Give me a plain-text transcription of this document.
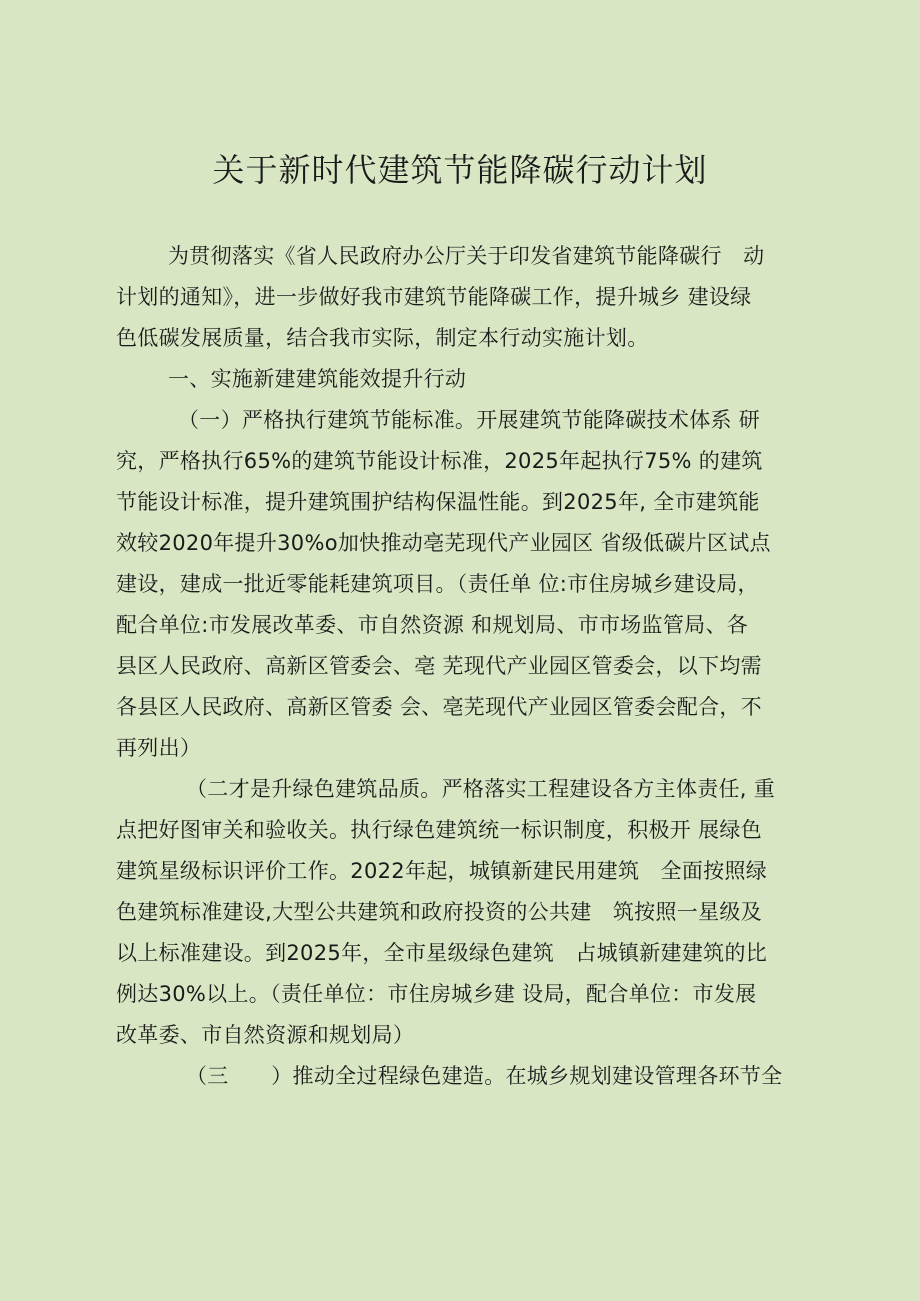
关于新时代建筑节能降碳行动计划
为贯彻落实《省人民政府办公厅关于印发省建筑节能降碳行　动
计划的通知》，进一步做好我市建筑节能降碳工作，提升城乡 建设绿
色低碳发展质量，结合我市实际，制定本行动实施计划。
一、实施新建建筑能效提升行动
（一）严格执行建筑节能标准。开展建筑节能降碳技术体系 研
究，严格执行65%的建筑节能设计标准，2025年起执行75% 的建筑
节能设计标准，提升建筑围护结构保温性能。到2025年, 全市建筑能
效较2020年提升30%o加快推动亳芜现代产业园区 省级低碳片区试点
建设，建成一批近零能耗建筑项目。（责任单 位:市住房城乡建设局，
配合单位:市发展改革委、市自然资源 和规划局、市市场监管局、各
县区人民政府、高新区管委会、亳 芜现代产业园区管委会，以下均需
各县区人民政府、高新区管委 会、亳芜现代产业园区管委会配合，不
再列出）
（二才是升绿色建筑品质。严格落实工程建设各方主体责任, 重
点把好图审关和验收关。执行绿色建筑统一标识制度，积极开 展绿色
建筑星级标识评价工作。2022年起，城镇新建民用建筑　全面按照绿
色建筑标准建设,大型公共建筑和政府投资的公共建　筑按照一星级及
以上标准建设。到2025年，全市星级绿色建筑　占城镇新建建筑的比
例达30%以上。（责任单位：市住房城乡建 设局，配合单位：市发展
改革委、市自然资源和规划局）
（三　　）推动全过程绿色建造。在城乡规划建设管理各环节全
